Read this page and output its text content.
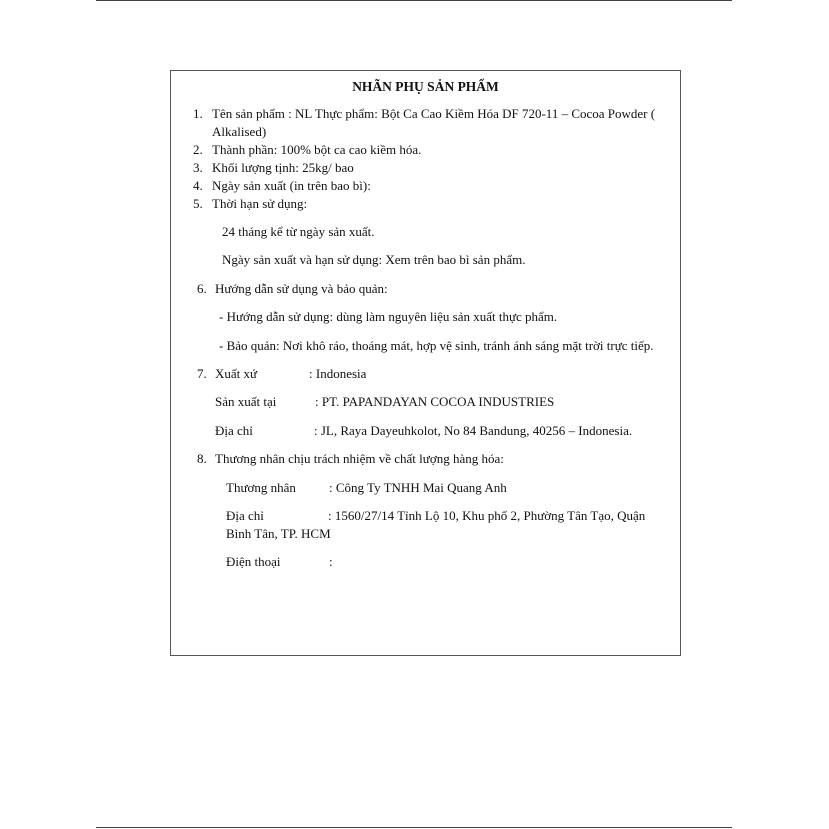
NHÃN PHỤ SẢN PHẨM
1. Tên sản phẩm : NL Thực phẩm: Bột Ca Cao Kiềm Hóa DF 720-11 – Cocoa Powder (
Alkalised)
2. Thành phần: 100% bột ca cao kiềm hóa.
3. Khối lượng tịnh: 25kg/ bao
4. Ngày sản xuất (in trên bao bì):
5. Thời hạn sử dụng:
24 tháng kể từ ngày sản xuất.
Ngày sản xuất và hạn sử dụng: Xem trên bao bì sản phẩm.
6. Hướng dẫn sử dụng và bảo quản:
- Hướng dẫn sử dụng: dùng làm nguyên liệu sản xuất thực phẩm.
- Bảo quản: Nơi khô ráo, thoáng mát, hợp vệ sinh, tránh ánh sáng mặt trời trực tiếp.
7. Xuất xứ	: Indonesia
Sản xuất tại	: PT. PAPANDAYAN COCOA INDUSTRIES
Địa chỉ	: JL, Raya Dayeuhkolot, No 84 Bandung, 40256 – Indonesia.
8. Thương nhân chịu trách nhiệm về chất lượng hàng hóa:
Thương nhân	: Công Ty TNHH Mai Quang Anh
Địa chỉ	: 1560/27/14 Tỉnh Lộ 10, Khu phố 2, Phường Tân Tạo, Quận
Bình Tân, TP. HCM
Điện thoại	:
